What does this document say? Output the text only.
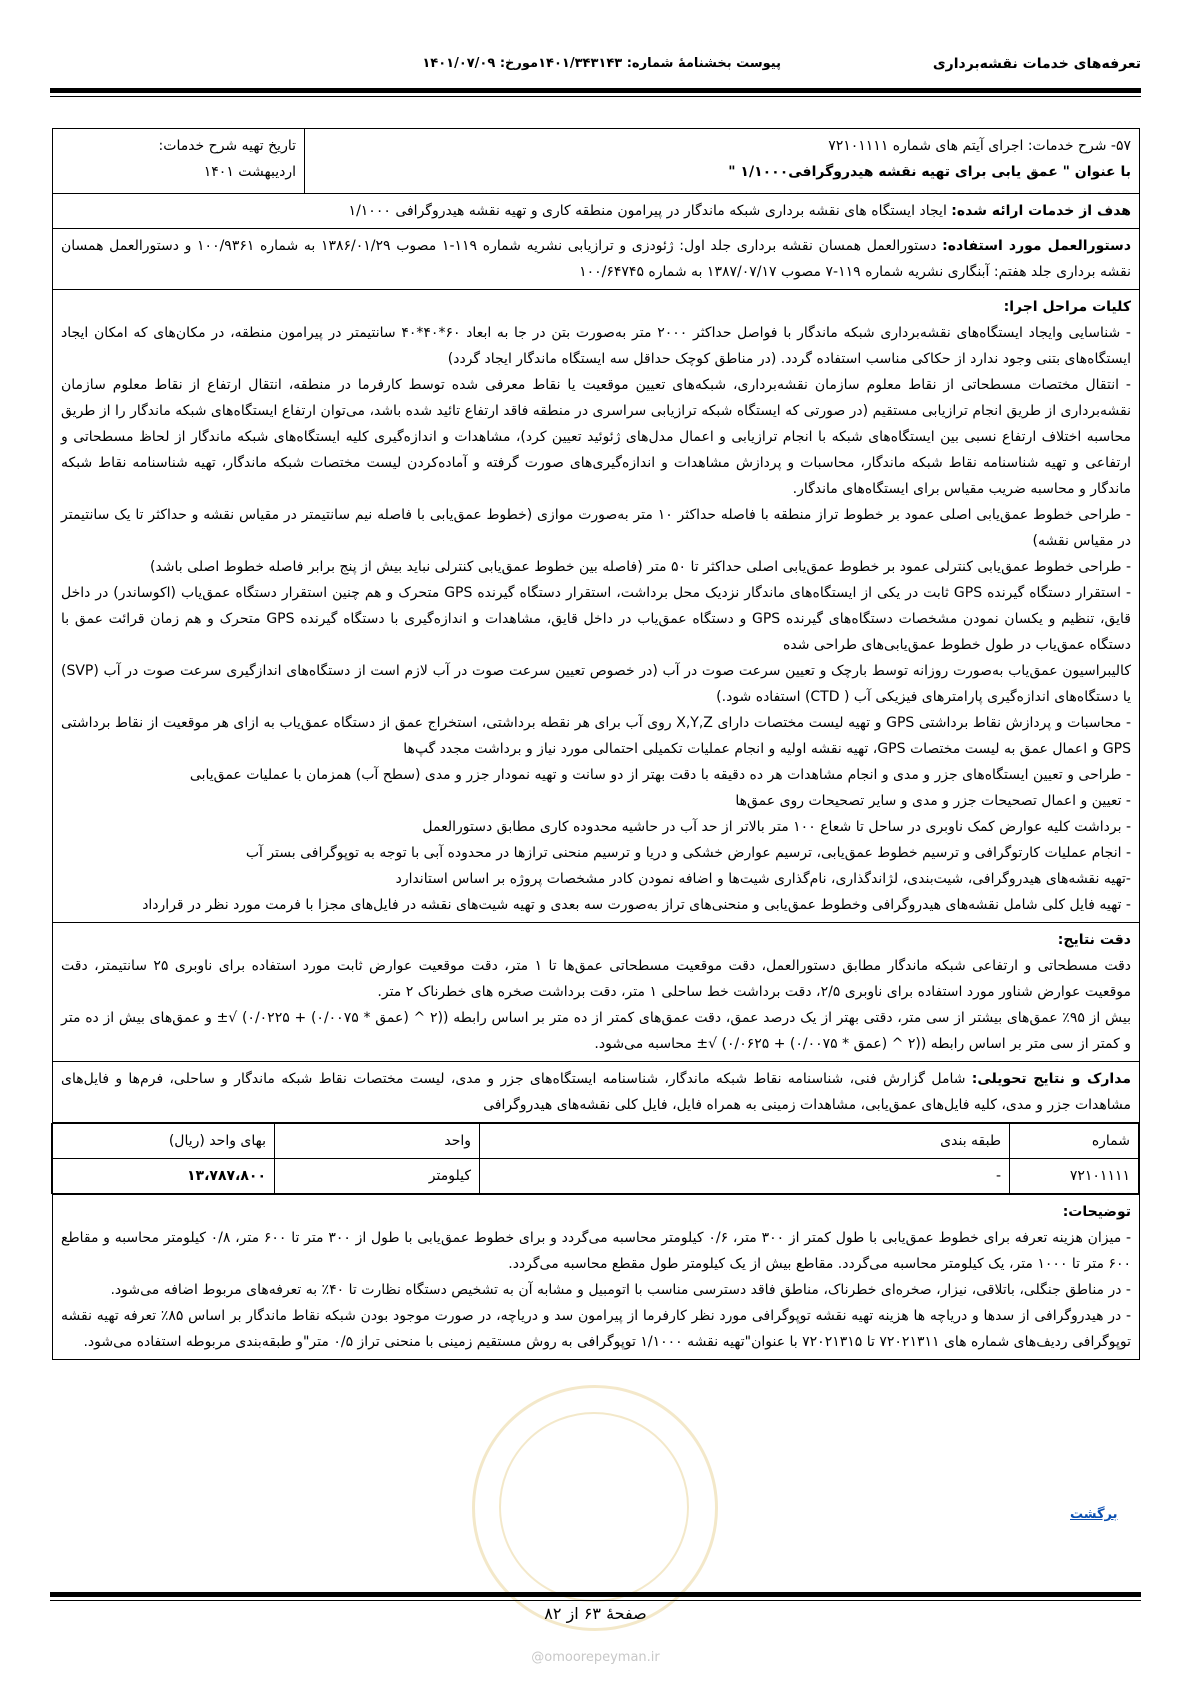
تعرفه‌های خدمات نقشه‌برداری
پیوست بخشنامهٔ شماره: ۱۴۰۱/۳۴۳۱۴۳مورخ: ۱۴۰۱/۰۷/۰۹
۵۷- شرح خدمات: اجرای آیتم های شماره ۷۲۱۰۱۱۱۱
با عنوان " عمق یابی برای تهیه نقشه هیدروگرافی۱/۱۰۰۰ "

تاریخ تهیه شرح خدمات:
اردیبهشت ۱۴۰۱

هدف از خدمات ارائه شده: ایجاد ایستگاه های نقشه برداری شبکه ماندگار در پیرامون منطقه کاری و تهیه نقشه هیدروگرافی ۱/۱۰۰۰
دستورالعمل مورد استفاده: دستورالعمل همسان نقشه برداری جلد اول: ژئودزی و ترازیابی نشریه شماره ۱۱۹-۱ مصوب ۱۳۸۶/۰۱/۲۹ به شماره ۱۰۰/۹۳۶۱ و دستورالعمل همسان نقشه برداری جلد هفتم: آبنگاری نشریه شماره ۱۱۹-۷ مصوب ۱۳۸۷/۰۷/۱۷ به شماره ۱۰۰/۶۴۷۴۵

کلیات مراحل اجرا:
- شناسایی وایجاد ایستگاه‌های نقشه‌برداری شبکه ماندگار با فواصل حداکثر ۲۰۰۰ متر به‌صورت بتن در جا به ابعاد ۶۰*۴۰*۴۰ سانتیمتر در پیرامون منطقه، در مکان‌های که امکان ایجاد ایستگاه‌های بتنی وجود ندارد از حکاکی مناسب استفاده گردد. (در مناطق کوچک حداقل سه ایستگاه ماندگار ایجاد گردد)
- انتقال مختصات مسطحاتی از نقاط معلوم سازمان نقشه‌برداری، شبکه‌های تعیین موقعیت یا نقاط معرفی شده توسط کارفرما در منطقه، انتقال ارتفاع از نقاط معلوم سازمان نقشه‌برداری از طریق انجام ترازیابی مستقیم (در صورتی که ایستگاه شبکه ترازیابی سراسری در منطقه فاقد ارتفاع تائید شده باشد، می‌توان ارتفاع ایستگاه‌های شبکه ماندگار را از طریق محاسبه اختلاف ارتفاع نسبی بین ایستگاه‌های شبکه با انجام ترازیابی و اعمال مدل‌های ژئوئید تعیین کرد)، مشاهدات و اندازه‌گیری کلیه ایستگاه‌های شبکه ماندگار از لحاظ مسطحاتی و ارتفاعی و تهیه شناسنامه نقاط شبکه ماندگار، محاسبات و پردازش مشاهدات و اندازه‌گیری‌های صورت گرفته و آماده‌کردن لیست مختصات شبکه ماندگار، تهیه شناسنامه نقاط شبکه ماندگار و محاسبه ضریب مقیاس برای ایستگاه‌های ماندگار.
- طراحی خطوط عمق‌یابی اصلی عمود بر خطوط تراز منطقه با فاصله حداکثر ۱۰ متر به‌صورت موازی (خطوط عمق‌یابی با فاصله نیم سانتیمتر در مقیاس نقشه و حداکثر تا یک سانتیمتر در مقیاس نقشه)
- طراحی خطوط عمق‌یابی کنترلی عمود بر خطوط عمق‌یابی اصلی حداکثر تا ۵۰ متر (فاصله بین خطوط عمق‌یابی کنترلی نباید بیش از پنج برابر فاصله خطوط اصلی باشد)
- استقرار دستگاه گیرنده GPS ثابت در یکی از ایستگاه‌های ماندگار نزدیک محل برداشت، استقرار دستگاه گیرنده GPS متحرک و هم چنین استقرار دستگاه عمق‌یاب (اکوساندر) در داخل قایق، تنظیم و یکسان نمودن مشخصات دستگاه‌های گیرنده GPS و دستگاه عمق‌یاب در داخل قایق، مشاهدات و اندازه‌گیری با دستگاه گیرنده GPS متحرک و هم زمان قرائت عمق با دستگاه عمق‌یاب در طول خطوط عمق‌یابی‌های طراحی شده
کالیبراسیون عمق‌یاب به‌صورت روزانه توسط بارچک و تعیین سرعت صوت در آب (در خصوص تعیین سرعت صوت در آب لازم است از دستگاه‌های اندازگیری سرعت صوت در آب (SVP) یا دستگاه‌های اندازه‌گیری پارامترهای فیزیکی آب ( CTD) استفاده شود.)
- محاسبات و پردازش نقاط برداشتی GPS و تهیه لیست مختصات دارای X,Y,Z روی آب برای هر نقطه برداشتی، استخراج عمق از دستگاه عمق‌یاب به ازای هر موقعیت از نقاط برداشتی GPS و اعمال عمق به لیست مختصات GPS، تهیه نقشه اولیه و انجام عملیات تکمیلی احتمالی مورد نیاز و برداشت مجدد گپ‌ها
- طراحی و تعیین ایستگاه‌های جزر و مدی و انجام مشاهدات هر ده دقیقه با دقت بهتر از دو سانت و تهیه نمودار جزر و مدی (سطح آب) همزمان با عملیات عمق‌یابی
- تعیین و اعمال تصحیحات جزر و مدی و سایر تصحیحات روی عمق‌ها
- برداشت کلیه عوارض کمک ناوبری در ساحل تا شعاع ۱۰۰ متر بالاتر از حد آب در حاشیه محدوده کاری مطابق دستورالعمل
- انجام عملیات کارتوگرافی و ترسیم خطوط عمق‌یابی، ترسیم عوارض خشکی و دریا و ترسیم منحنی ترازها در محدوده آبی با توجه به توپوگرافی بستر آب
-تهیه نقشه‌های هیدروگرافی، شیت‌بندی، لژاندگذاری، نام‌گذاری شیت‌ها و اضافه نمودن کادر مشخصات پروژه بر اساس استاندارد
- تهیه فایل کلی شامل نقشه‌های هیدروگرافی وخطوط عمق‌یابی و منحنی‌های تراز به‌صورت سه بعدی و تهیه شیت‌های نقشه در فایل‌های مجزا با فرمت مورد نظر در قرارداد

دقت نتایج:
دقت مسطحاتی و ارتفاعی شبکه ماندگار مطابق دستورالعمل، دقت موقعیت مسطحاتی عمق‌ها تا ۱ متر، دقت موقعیت عوارض ثابت مورد استفاده برای ناوبری ۲۵ سانتیمتر، دقت موقعیت عوارض شناور مورد استفاده برای ناوبری ۲/۵، دقت برداشت خط ساحلی ۱ متر، دقت برداشت صخره های خطرناک ۲ متر.
بیش از ۹۵٪ عمق‌های بیشتر از سی متر، دقتی بهتر از یک درصد عمق، دقت عمق‌های کمتر از ده متر بر اساس رابطه ((۲ ^ (عمق * ۰/۰۰۷۵) + ۰/۰۲۲۵) √± و عمق‌های بیش از ده متر و کمتر از سی متر بر اساس رابطه ((۲ ^ (عمق * ۰/۰۰۷۵) + ۰/۰۶۲۵) √± محاسبه می‌شود.

مدارک و نتایج تحویلی: شامل گزارش فنی، شناسنامه نقاط شبکه ماندگار، شناسنامه ایستگاه‌های جزر و مدی، لیست مختصات نقاط شبکه ماندگار و ساحلی، فرم‌ها و فایل‌های مشاهدات جزر و مدی، کلیه فایل‌های عمق‌یابی، مشاهدات زمینی به همراه فایل، فایل کلی نقشه‌های هیدروگرافی

شماره	طبقه بندی	واحد	بهای واحد (ریال)
۷۲۱۰۱۱۱۱	-	کیلومتر	۱۳،۷۸۷،۸۰۰

توضیحات:
- میزان هزینه تعرفه برای خطوط عمق‌یابی با طول کمتر از ۳۰۰ متر، ۰/۶ کیلومتر محاسبه می‌گردد و برای خطوط عمق‌یابی با طول از ۳۰۰ متر تا ۶۰۰ متر، ۰/۸ کیلومتر محاسبه و مقاطع ۶۰۰ متر تا ۱۰۰۰ متر، یک کیلومتر محاسبه می‌گردد. مقاطع بیش از یک کیلومتر طول مقطع محاسبه می‌گردد.
- در مناطق جنگلی، باتلاقی، نیزار، صخره‌ای خطرناک، مناطق فاقد دسترسی مناسب با اتومبیل و مشابه آن به تشخیص دستگاه نظارت تا ۴۰٪ به تعرفه‌های مربوط اضافه می‌شود.
- در هیدروگرافی از سدها و دریاچه ها هزینه تهیه نقشه توپوگرافی مورد نظر کارفرما از پیرامون سد و دریاچه، در صورت موجود بودن شبکه نقاط ماندگار بر اساس ۸۵٪ تعرفه تهیه نقشه توپوگرافی ردیف‌های شماره های ۷۲۰۲۱۳۱۱ تا ۷۲۰۲۱۳۱۵ با عنوان"تهیه نقشه ۱/۱۰۰۰ توپوگرافی به روش مستقیم زمینی با منحنی تراز ۰/۵ متر"و طبقه‌بندی مربوطه استفاده می‌شود.
برگشت
صفحهٔ ۶۳ از ۸۲
@omoorepeyman.ir
